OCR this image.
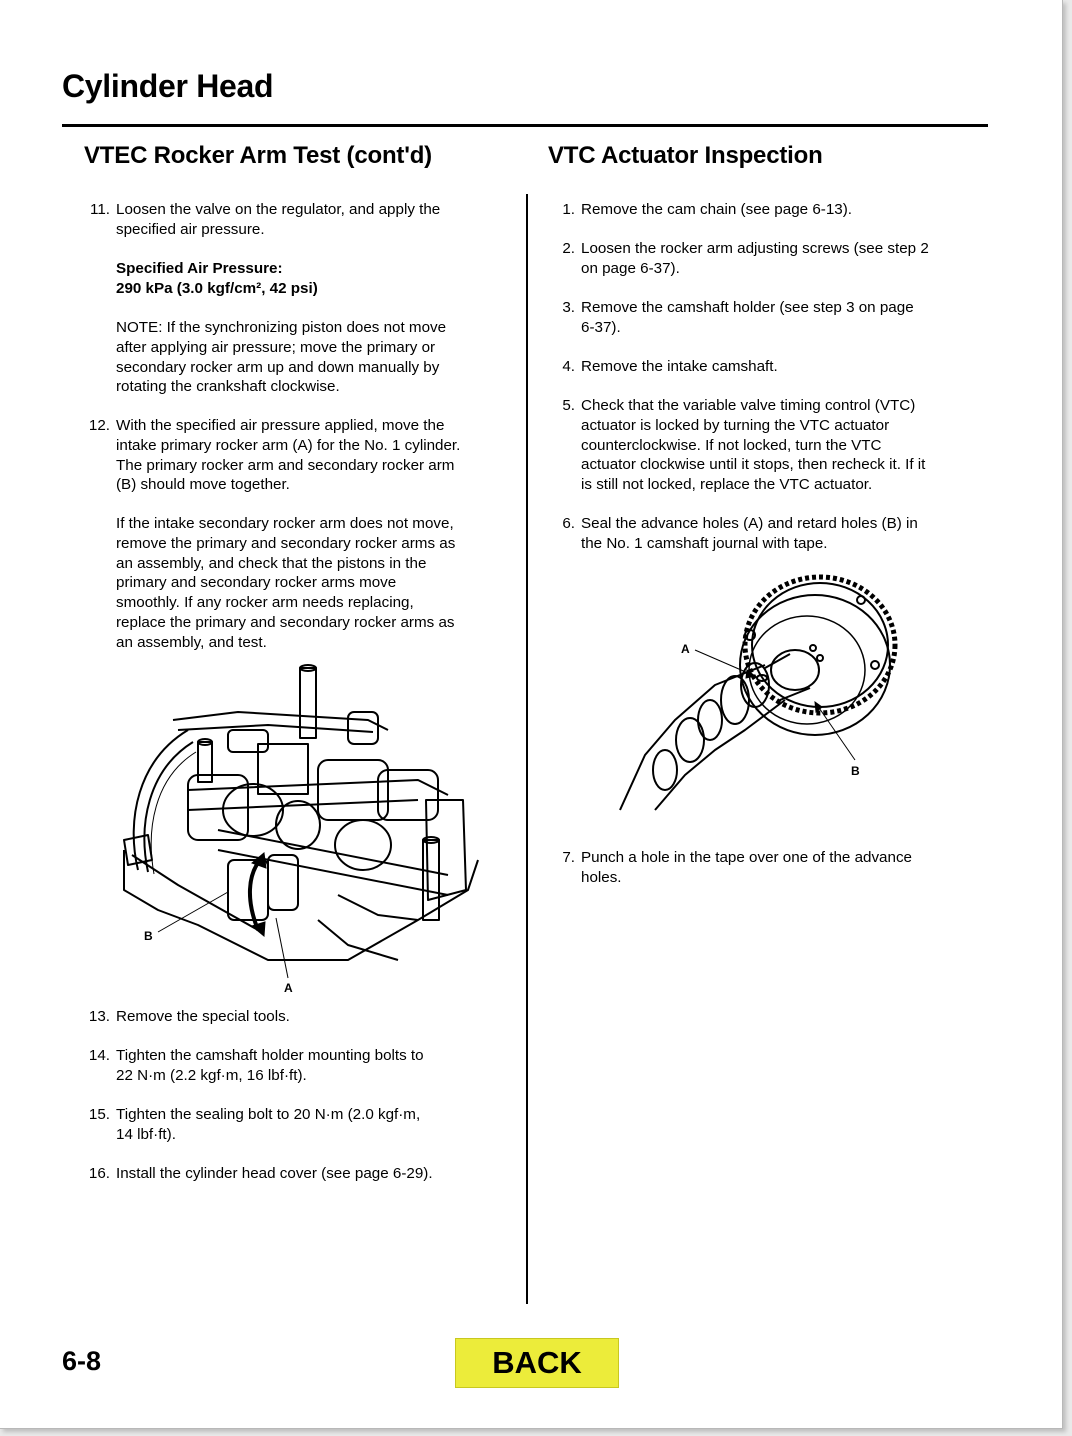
Cylinder Head
VTEC Rocker Arm Test (cont'd)
11. Loosen the valve on the regulator, and apply the
specified air pressure.
Specified Air Pressure:
290 kPa (3.0 kgf/cm², 42 psi)
NOTE: If the synchronizing piston does not move
after applying air pressure; move the primary or
secondary rocker arm up and down manually by
rotating the crankshaft clockwise.
12. With the specified air pressure applied, move the
intake primary rocker arm (A) for the No. 1 cylinder.
The primary rocker arm and secondary rocker arm
(B) should move together.
If the intake secondary rocker arm does not move,
remove the primary and secondary rocker arms as
an assembly, and check that the pistons in the
primary and secondary rocker arms move
smoothly. If any rocker arm needs replacing,
replace the primary and secondary rocker arms as
an assembly, and test.
B
A
13. Remove the special tools.
14. Tighten the camshaft holder mounting bolts to
22 N·m (2.2 kgf·m, 16 lbf·ft).
15. Tighten the sealing bolt to 20 N·m (2.0 kgf·m,
14 lbf·ft).
16. Install the cylinder head cover (see page 6-29).
VTC Actuator Inspection
1. Remove the cam chain (see page 6-13).
2. Loosen the rocker arm adjusting screws (see step 2
on page 6-37).
3. Remove the camshaft holder (see step 3 on page
6-37).
4. Remove the intake camshaft.
5. Check that the variable valve timing control (VTC)
actuator is locked by turning the VTC actuator
counterclockwise. If not locked, turn the VTC
actuator clockwise until it stops, then recheck it. If it
is still not locked, replace the VTC actuator.
6. Seal the advance holes (A) and retard holes (B) in
the No. 1 camshaft journal with tape.
A
B
7. Punch a hole in the tape over one of the advance
holes.
6-8	BACK
